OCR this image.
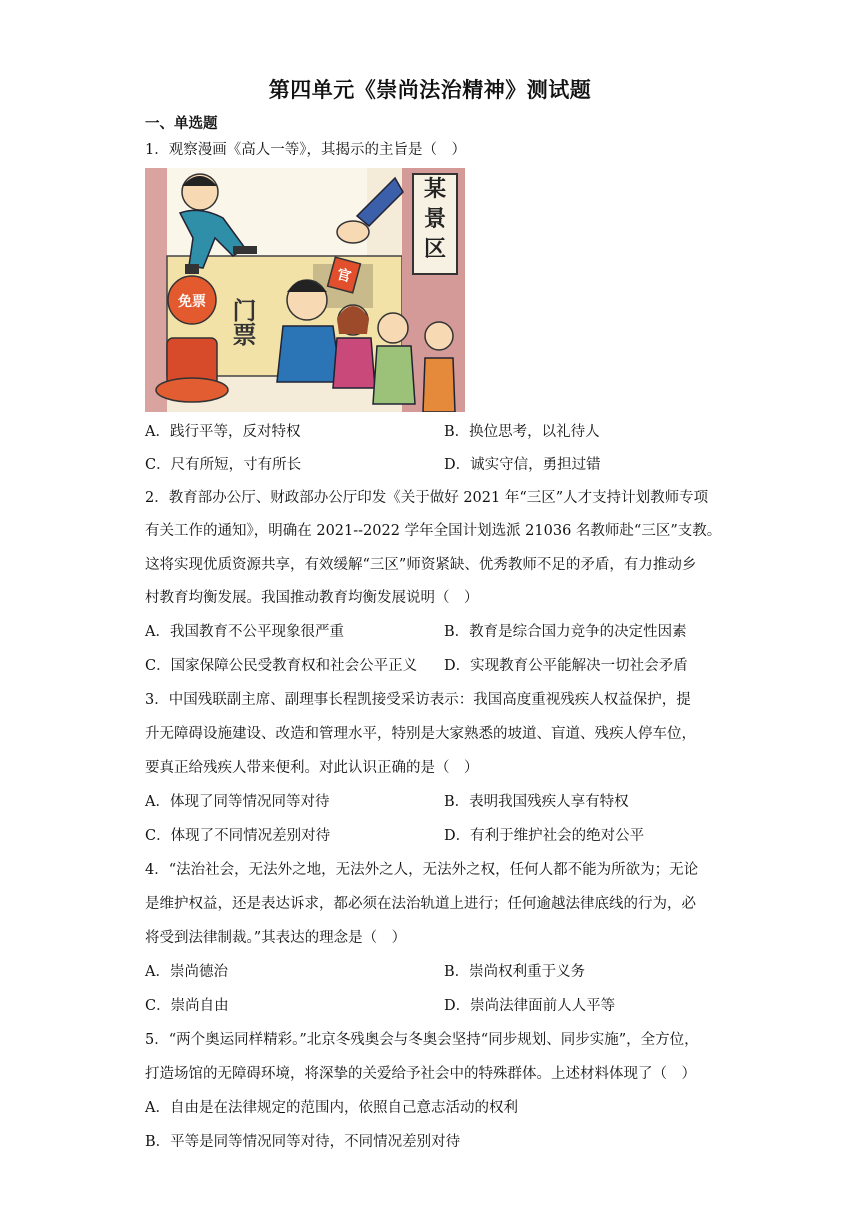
第四单元《崇尚法治精神》测试题
一、单选题
1．观察漫画《高人一等》，其揭示的主旨是（　）
某
景
区
门票
免票
官
A．践行平等，反对特权	B．换位思考，以礼待人
C．尺有所短，寸有所长	D．诚实守信，勇担过错
2．教育部办公厅、财政部办公厅印发《关于做好 2021 年“三区”人才支持计划教师专项
有关工作的通知》，明确在 2021--2022 学年全国计划选派 21036 名教师赴“三区”支教。
这将实现优质资源共享，有效缓解“三区”师资紧缺、优秀教师不足的矛盾，有力推动乡
村教育均衡发展。我国推动教育均衡发展说明（　）
A．我国教育不公平现象很严重	B．教育是综合国力竞争的决定性因素
C．国家保障公民受教育权和社会公平正义 D．实现教育公平能解决一切社会矛盾
3．中国残联副主席、副理事长程凯接受采访表示：我国高度重视残疾人权益保护，提
升无障碍设施建设、改造和管理水平，特别是大家熟悉的坡道、盲道、残疾人停车位，
要真正给残疾人带来便利。对此认识正确的是（　）
A．体现了同等情况同等对待	B．表明我国残疾人享有特权
C．体现了不同情况差别对待	D．有利于维护社会的绝对公平
4．“法治社会，无法外之地，无法外之人，无法外之权，任何人都不能为所欲为；无论
是维护权益，还是表达诉求，都必须在法治轨道上进行；任何逾越法律底线的行为，必
将受到法律制裁。”其表达的理念是（　）
A．崇尚德治	B．崇尚权利重于义务
C．崇尚自由	D．崇尚法律面前人人平等
5．“两个奥运同样精彩。”北京冬残奥会与冬奥会坚持“同步规划、同步实施”，全方位，
打造场馆的无障碍环境，将深挚的关爱给予社会中的特殊群体。上述材料体现了（　）
A．自由是在法律规定的范围内，依照自己意志活动的权利
B．平等是同等情况同等对待，不同情况差别对待
